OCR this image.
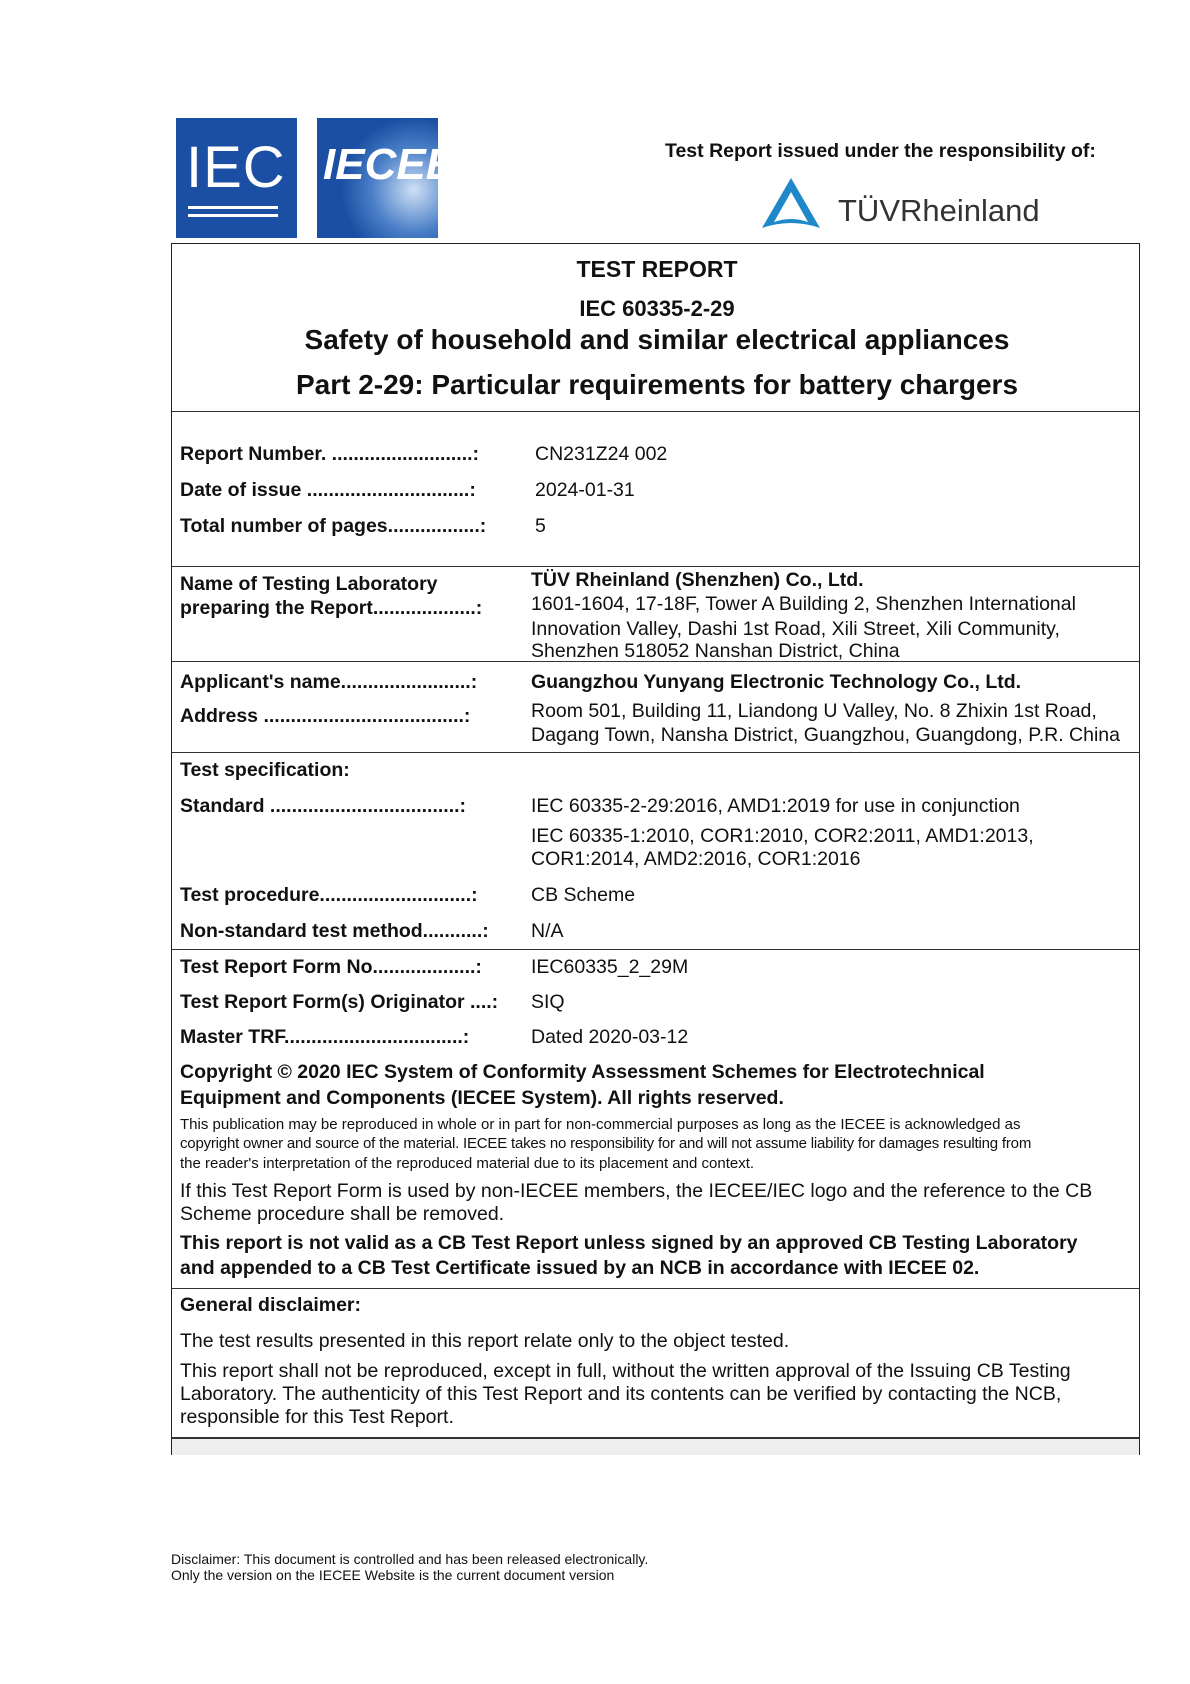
IEC IECEE	Test Report issued under the responsibility of:
TÜVRheinland
TEST REPORT
IEC 60335-2-29
Safety of household and similar electrical appliances
Part 2-29: Particular requirements for battery chargers
Report Number. ..........................:	CN231Z24 002
Date of issue ..............................:	2024-01-31
Total number of pages.................:	5
Name of Testing Laboratory
preparing the Report...................:
TÜV Rheinland (Shenzhen) Co., Ltd.
1601-1604, 17-18F, Tower A Building 2, Shenzhen International
Innovation Valley, Dashi 1st Road, Xili Street, Xili Community,
Shenzhen 518052 Nanshan District, China
Applicant's name........................:	Guangzhou Yunyang Electronic Technology Co., Ltd.
Address .....................................:	Room 501, Building 11, Liandong U Valley, No. 8 Zhixin 1st Road,
Dagang Town, Nansha District, Guangzhou, Guangdong, P.R. China
Test specification:
Standard ...................................:	IEC 60335-2-29:2016, AMD1:2019 for use in conjunction
IEC 60335-1:2010, COR1:2010, COR2:2011, AMD1:2013,
COR1:2014, AMD2:2016, COR1:2016
Test procedure............................:	CB Scheme
Non-standard test method...........: N/A
Test Report Form No...................:	IEC60335_2_29M
Test Report Form(s) Originator ....: SIQ
Master TRF.................................:	Dated 2020-03-12
Copyright © 2020 IEC System of Conformity Assessment Schemes for Electrotechnical
Equipment and Components (IECEE System). All rights reserved.
This publication may be reproduced in whole or in part for non-commercial purposes as long as the IECEE is acknowledged as
copyright owner and source of the material. IECEE takes no responsibility for and will not assume liability for damages resulting from
the reader's interpretation of the reproduced material due to its placement and context.
If this Test Report Form is used by non-IECEE members, the IECEE/IEC logo and the reference to the CB
Scheme procedure shall be removed.
This report is not valid as a CB Test Report unless signed by an approved CB Testing Laboratory
and appended to a CB Test Certificate issued by an NCB in accordance with IECEE 02.
General disclaimer:
The test results presented in this report relate only to the object tested.
This report shall not be reproduced, except in full, without the written approval of the Issuing CB Testing
Laboratory. The authenticity of this Test Report and its contents can be verified by contacting the NCB,
responsible for this Test Report.
Disclaimer: This document is controlled and has been released electronically.
Only the version on the IECEE Website is the current document version
